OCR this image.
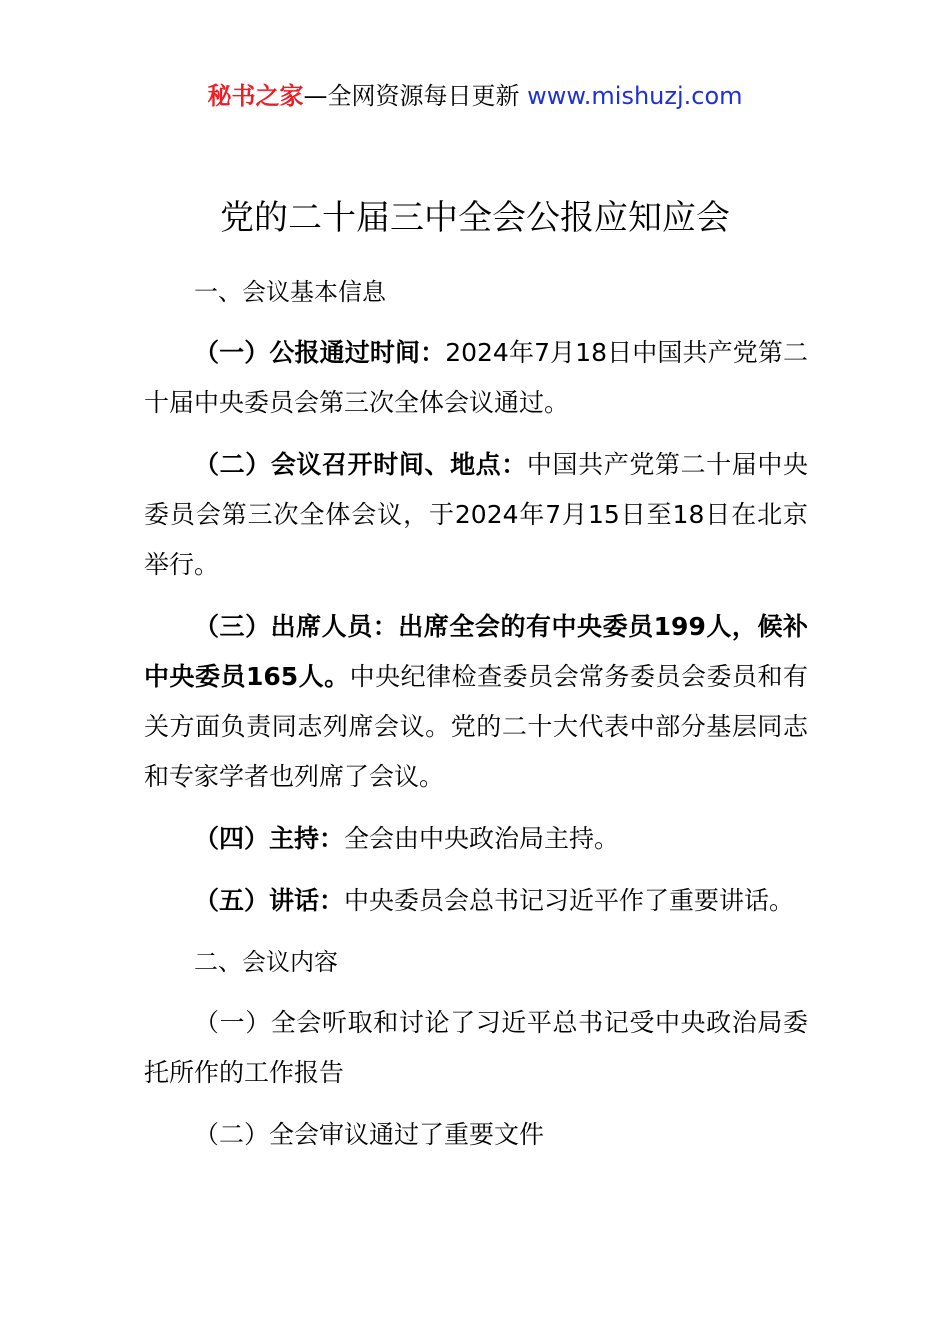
秘书之家—全网资源每日更新 www.mishuzj.com
党的二十届三中全会公报应知应会
一、会议基本信息

（一）公报通过时间：2024年7月18日中国共产党第二十届中央委员会第三次全体会议通过。

（二）会议召开时间、地点：中国共产党第二十届中央委员会第三次全体会议，于2024年7月15日至18日在北京举行。

（三）出席人员：出席全会的有中央委员199人，候补中央委员165人。中央纪律检查委员会常务委员会委员和有关方面负责同志列席会议。党的二十大代表中部分基层同志和专家学者也列席了会议。

（四）主持：全会由中央政治局主持。

（五）讲话：中央委员会总书记习近平作了重要讲话。

二、会议内容

（一）全会听取和讨论了习近平总书记受中央政治局委托所作的工作报告

（二）全会审议通过了重要文件
